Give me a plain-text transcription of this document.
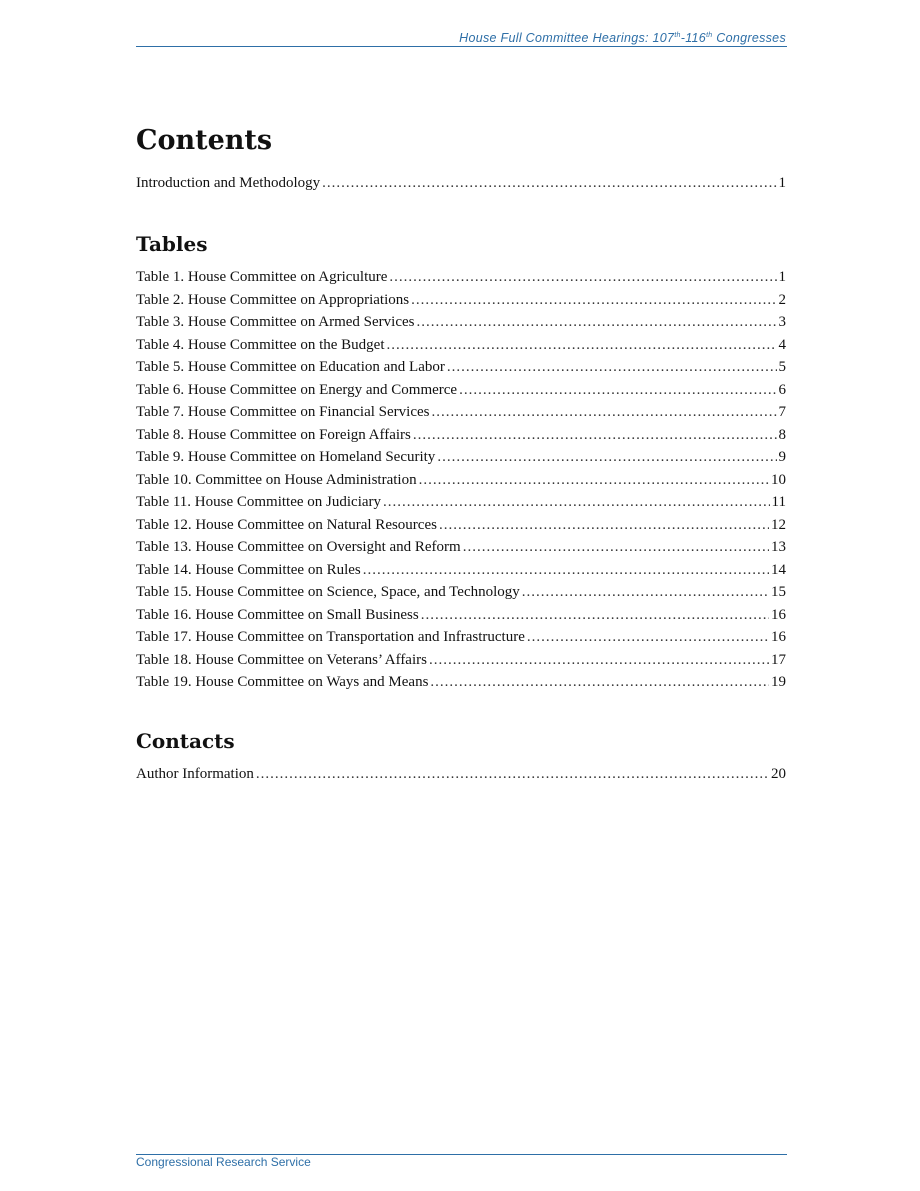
House Full Committee Hearings: 107th-116th Congresses
Contents
Introduction and Methodology .....	1
Tables
Table 1. House Committee on Agriculture .....	1
Table 2. House Committee on Appropriations .....	2
Table 3. House Committee on Armed Services .....	3
Table 4. House Committee on the Budget .....	4
Table 5. House Committee on Education and Labor .....	5
Table 6. House Committee on Energy and Commerce .....	6
Table 7. House Committee on Financial Services .....	7
Table 8. House Committee on Foreign Affairs .....	8
Table 9. House Committee on Homeland Security .....	9
Table 10. Committee on House Administration .....	10
Table 11. House Committee on Judiciary .....	11
Table 12. House Committee on Natural Resources .....	12
Table 13. House Committee on Oversight and Reform .....	13
Table 14. House Committee on Rules .....	14
Table 15. House Committee on Science, Space, and Technology .....	15
Table 16. House Committee on Small Business .....	16
Table 17. House Committee on Transportation and Infrastructure .....	16
Table 18. House Committee on Veterans’ Affairs .....	17
Table 19. House Committee on Ways and Means .....	19
Contacts
Author Information .....	20
Congressional Research Service
